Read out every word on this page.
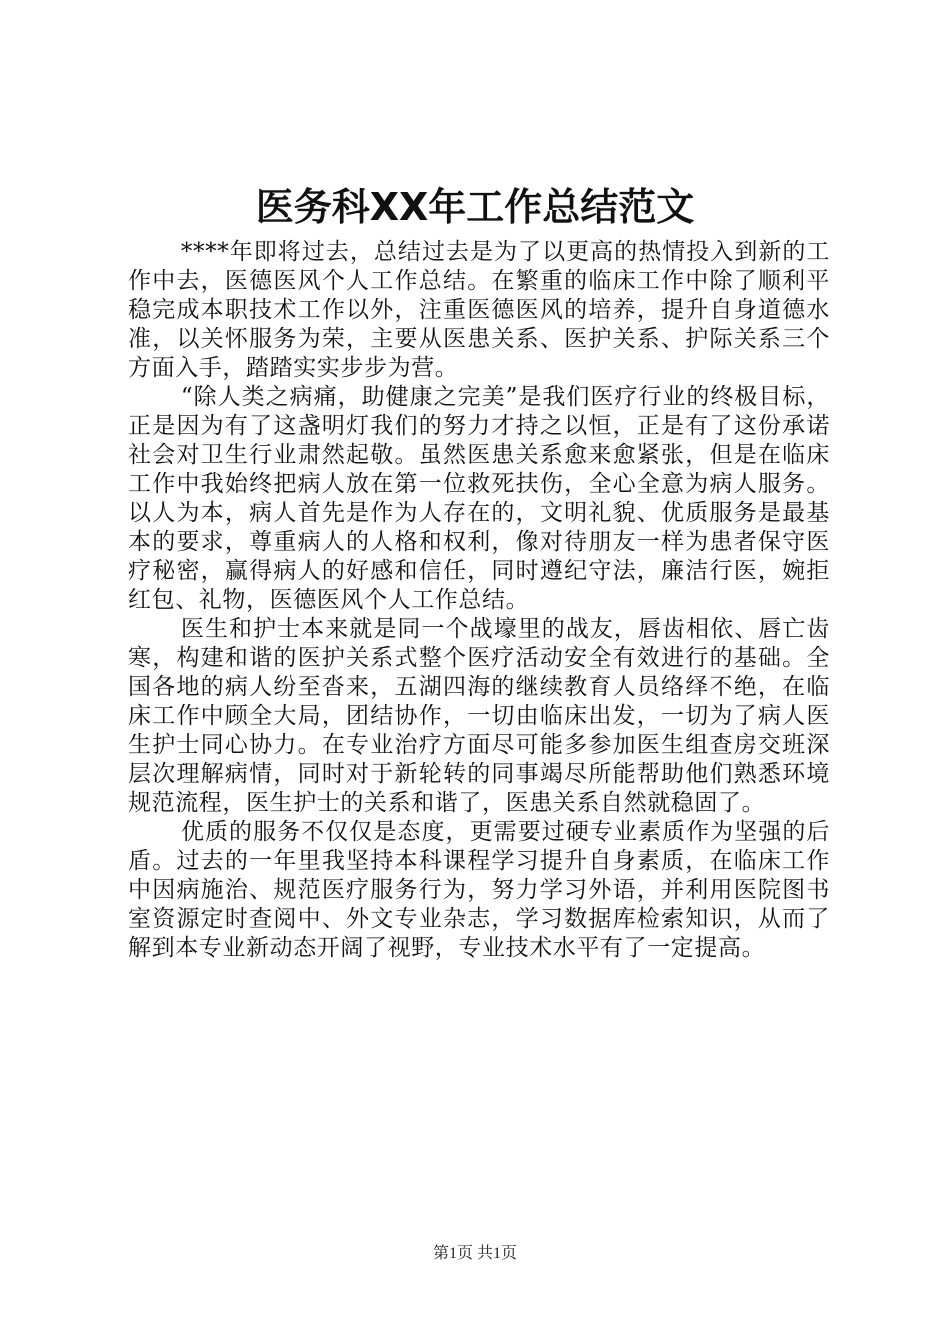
医务科XX年工作总结范文

****年即将过去，总结过去是为了以更高的热情投入到新的工作中去，医德医风个人工作总结。在繁重的临床工作中除了顺利平稳完成本职技术工作以外，注重医德医风的培养，提升自身道德水准，以关怀服务为荣，主要从医患关系、医护关系、护际关系三个方面入手，踏踏实实步步为营。

“除人类之病痛，助健康之完美”是我们医疗行业的终极目标，正是因为有了这盏明灯我们的努力才持之以恒，正是有了这份承诺社会对卫生行业肃然起敬。虽然医患关系愈来愈紧张，但是在临床工作中我始终把病人放在第一位救死扶伤，全心全意为病人服务。以人为本，病人首先是作为人存在的，文明礼貌、优质服务是最基本的要求，尊重病人的人格和权利，像对待朋友一样为患者保守医疗秘密，赢得病人的好感和信任，同时遵纪守法，廉洁行医，婉拒红包、礼物，医德医风个人工作总结。

医生和护士本来就是同一个战壕里的战友，唇齿相依、唇亡齿寒，构建和谐的医护关系式整个医疗活动安全有效进行的基础。全国各地的病人纷至沓来，五湖四海的继续教育人员络绎不绝，在临床工作中顾全大局，团结协作，一切由临床出发，一切为了病人医生护士同心协力。在专业治疗方面尽可能多参加医生组查房交班深层次理解病情，同时对于新轮转的同事竭尽所能帮助他们熟悉环境规范流程，医生护士的关系和谐了，医患关系自然就稳固了。

优质的服务不仅仅是态度，更需要过硬专业素质作为坚强的后盾。过去的一年里我坚持本科课程学习提升自身素质，在临床工作中因病施治、规范医疗服务行为，努力学习外语，并利用医院图书室资源定时查阅中、外文专业杂志，学习数据库检索知识，从而了解到本专业新动态开阔了视野，专业技术水平有了一定提高。

第1页 共1页
